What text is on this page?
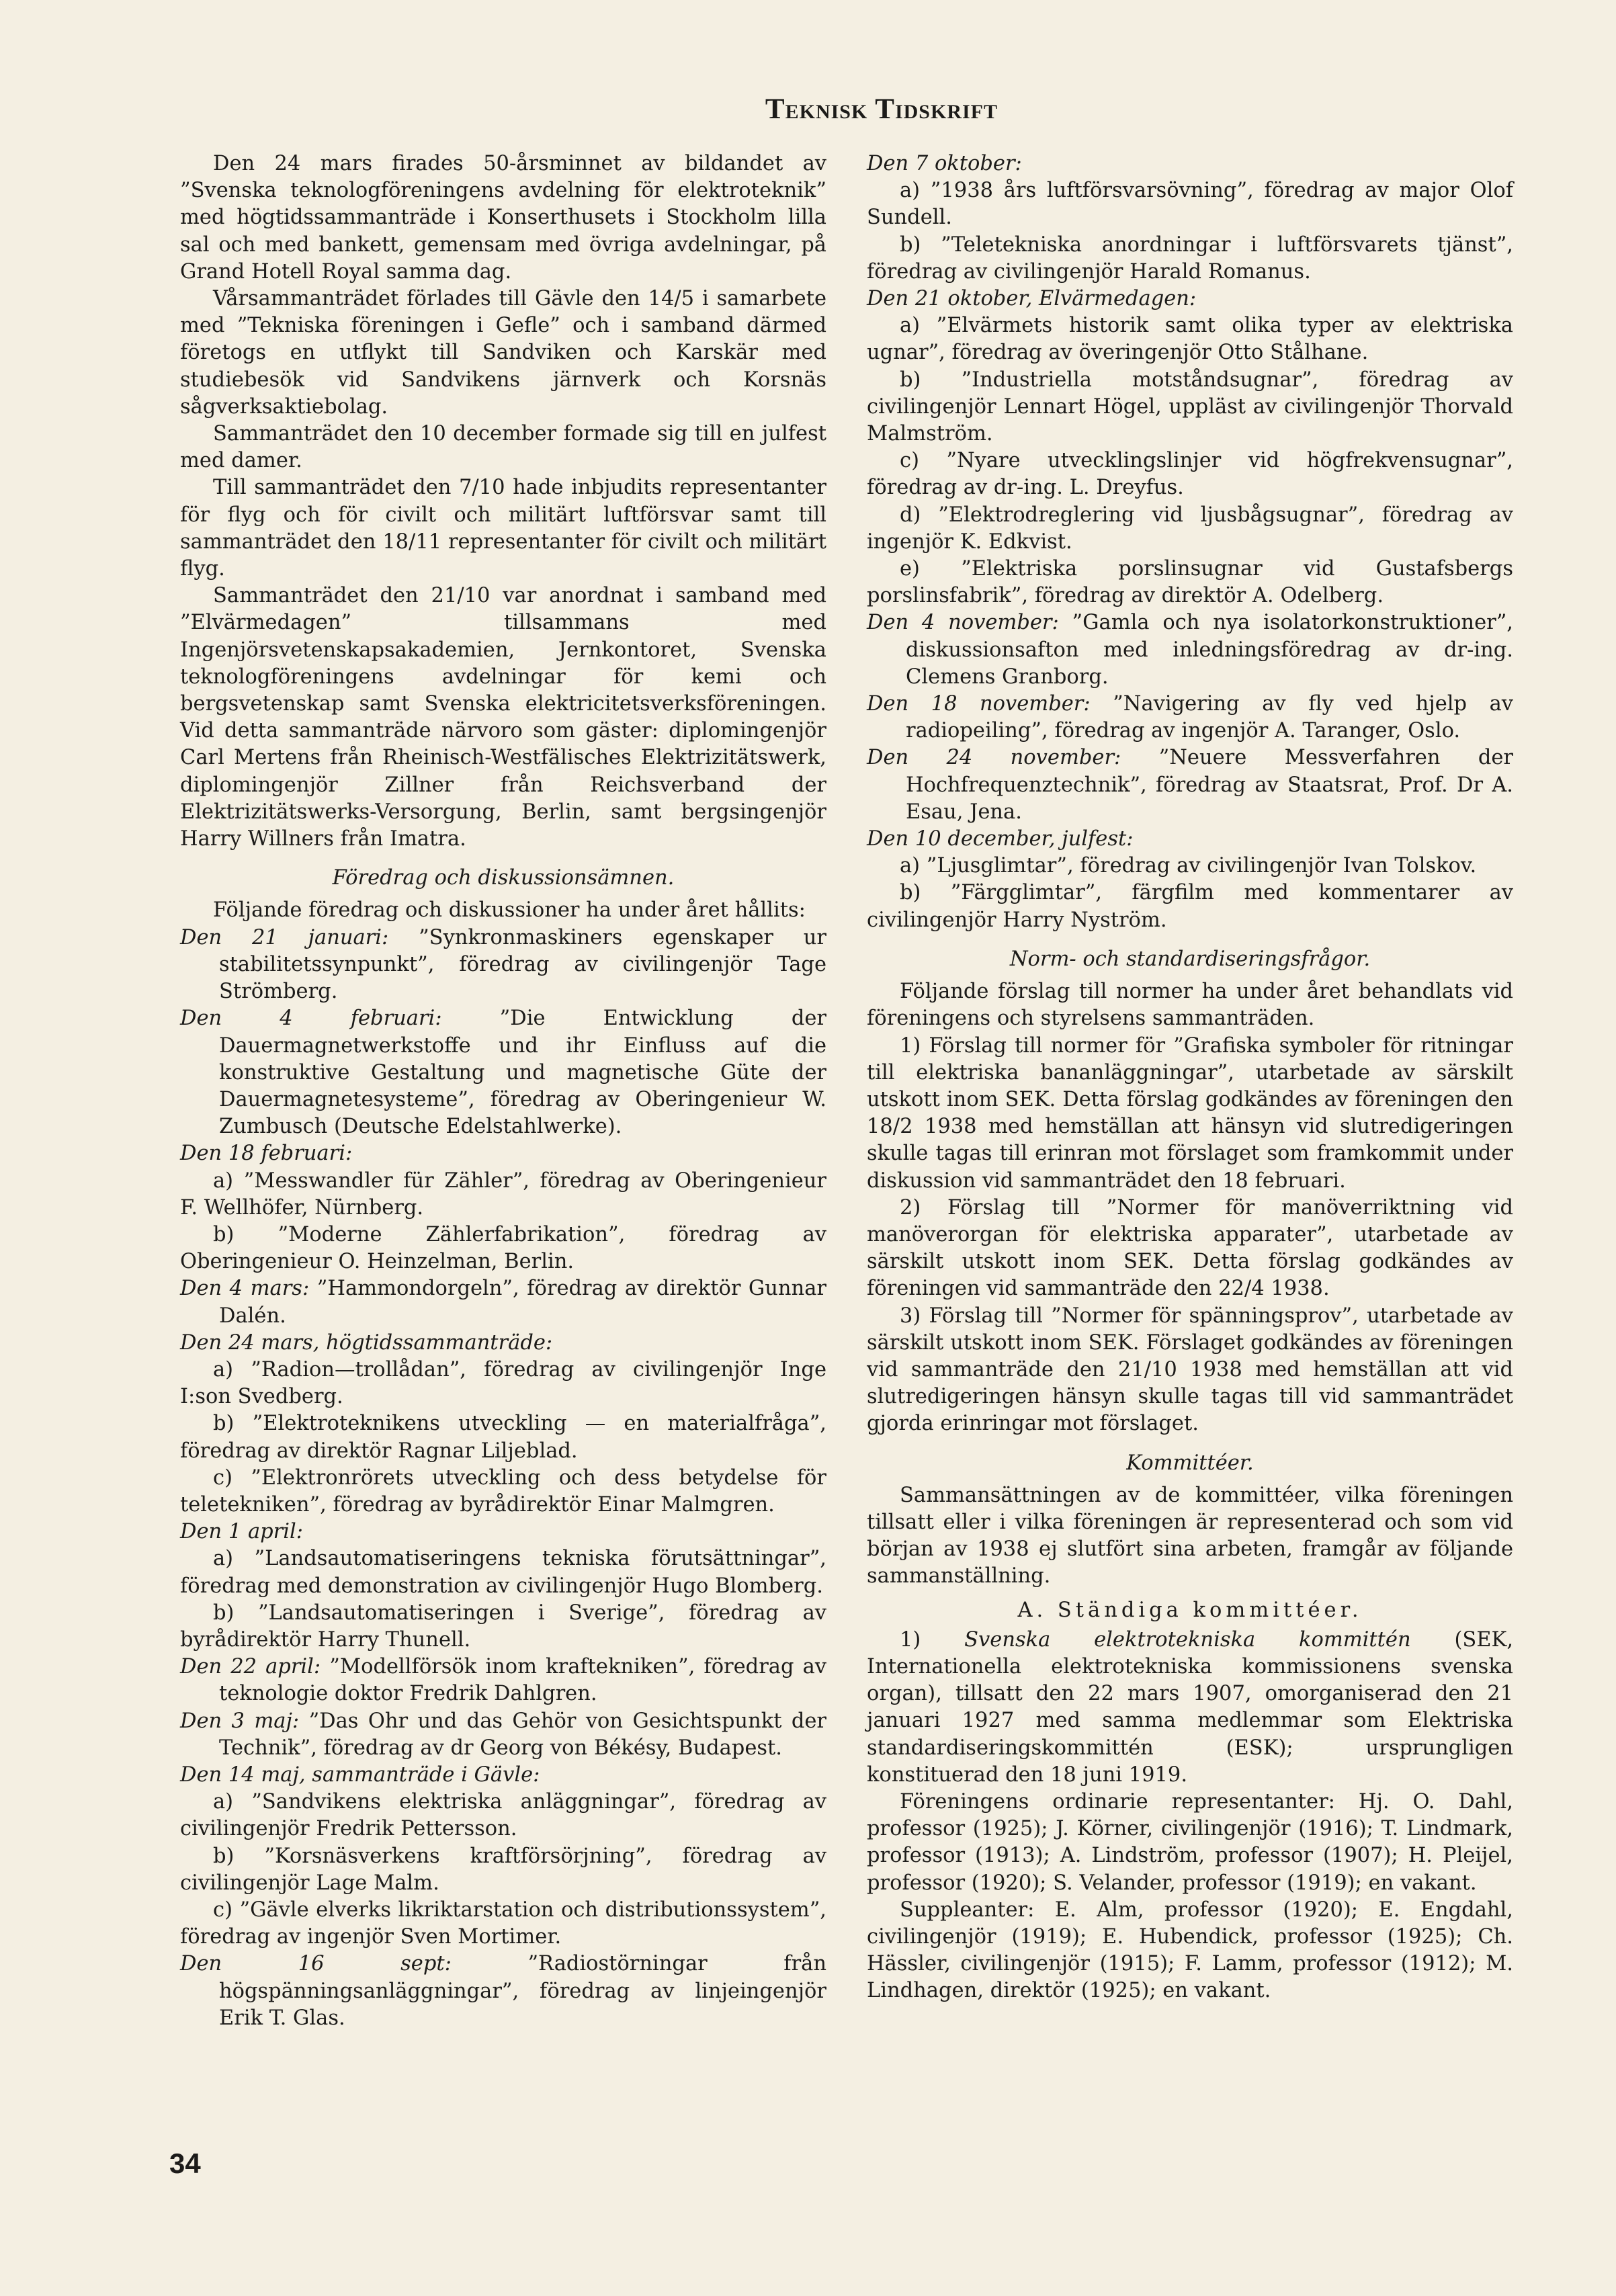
Teknisk Tidskrift

Den 24 mars firades 50-årsminnet av bildandet av ”Svenska teknologföreningens avdelning för elektroteknik” med högtidssammanträde i Konserthusets i Stockholm lilla sal och med bankett, gemensam med övriga avdelningar, på Grand Hotell Royal samma dag.

Vårsammanträdet förlades till Gävle den 14/5 i samarbete med ”Tekniska föreningen i Gefle” och i samband därmed företogs en utflykt till Sandviken och Karskär med studiebesök vid Sandvikens järnverk och Korsnäs sågverksaktiebolag.

Sammanträdet den 10 december formade sig till en julfest med damer.

Till sammanträdet den 7/10 hade inbjudits representanter för flyg och för civilt och militärt luftförsvar samt till sammanträdet den 18/11 representanter för civilt och militärt flyg.

Sammanträdet den 21/10 var anordnat i samband med ”Elvärmedagen” tillsammans med Ingenjörsvetenskapsakademien, Jernkontoret, Svenska teknologföreningens avdelningar för kemi och bergsvetenskap samt Svenska elektricitetsverksföreningen. Vid detta sammanträde närvoro som gäster: diplomingenjör Carl Mertens från Rheinisch-Westfälisches Elektrizitätswerk, diplomingenjör Zillner från Reichsverband der Elektrizitätswerks-Versorgung, Berlin, samt bergsingenjör Harry Willners från Imatra.

Föredrag och diskussionsämnen.

Följande föredrag och diskussioner ha under året hållits:

Den 21 januari: ”Synkronmaskiners egenskaper ur stabilitetssynpunkt”, föredrag av civilingenjör Tage Strömberg.

Den 4 februari: ”Die Entwicklung der Dauermagnetwerkstoffe und ihr Einfluss auf die konstruktive Gestaltung und magnetische Güte der Dauermagnetesysteme”, föredrag av Oberingenieur W. Zumbusch (Deutsche Edelstahlwerke).

Den 18 februari:

a) ”Messwandler für Zähler”, föredrag av Oberingenieur F. Wellhöfer, Nürnberg.

b) ”Moderne Zählerfabrikation”, föredrag av Oberingenieur O. Heinzelman, Berlin.

Den 4 mars: ”Hammondorgeln”, föredrag av direktör Gunnar Dalén.

Den 24 mars, högtidssammanträde:

a) ”Radion—trollådan”, föredrag av civilingenjör Inge I:son Svedberg.

b) ”Elektroteknikens utveckling — en materialfråga”, föredrag av direktör Ragnar Liljeblad.

c) ”Elektronrörets utveckling och dess betydelse för teletekniken”, föredrag av byrådirektör Einar Malmgren.

Den 1 april:

a) ”Landsautomatiseringens tekniska förutsättningar”, föredrag med demonstration av civilingenjör Hugo Blomberg.

b) ”Landsautomatiseringen i Sverige”, föredrag av byrådirektör Harry Thunell.

Den 22 april: ”Modellförsök inom kraftekniken”, föredrag av teknologie doktor Fredrik Dahlgren.

Den 3 maj: ”Das Ohr und das Gehör von Gesichtspunkt der Technik”, föredrag av dr Georg von Békésy, Budapest.

Den 14 maj, sammanträde i Gävle:

a) ”Sandvikens elektriska anläggningar”, föredrag av civilingenjör Fredrik Pettersson.

b) ”Korsnäsverkens kraftförsörjning”, föredrag av civilingenjör Lage Malm.

c) ”Gävle elverks likriktarstation och distributionssystem”, föredrag av ingenjör Sven Mortimer.

Den 16 sept: ”Radiostörningar från högspänningsanläggningar”, föredrag av linjeingenjör Erik T. Glas.

Den 7 oktober:

a) ”1938 års luftförsvarsövning”, föredrag av major Olof Sundell.

b) ”Teletekniska anordningar i luftförsvarets tjänst”, föredrag av civilingenjör Harald Romanus.

Den 21 oktober, Elvärmedagen:

a) ”Elvärmets historik samt olika typer av elektriska ugnar”, föredrag av överingenjör Otto Stålhane.

b) ”Industriella motståndsugnar”, föredrag av civilingenjör Lennart Högel, uppläst av civilingenjör Thorvald Malmström.

c) ”Nyare utvecklingslinjer vid högfrekvensugnar”, föredrag av dr-ing. L. Dreyfus.

d) ”Elektrodreglering vid ljusbågsugnar”, föredrag av ingenjör K. Edkvist.

e) ”Elektriska porslinsugnar vid Gustafsbergs porslinsfabrik”, föredrag av direktör A. Odelberg.

Den 4 november: ”Gamla och nya isolatorkonstruktioner”, diskussionsafton med inledningsföredrag av dr-ing. Clemens Granborg.

Den 18 november: ”Navigering av fly ved hjelp av radiopeiling”, föredrag av ingenjör A. Taranger, Oslo.

Den 24 november: ”Neuere Messverfahren der Hochfrequenztechnik”, föredrag av Staatsrat, Prof. Dr A. Esau, Jena.

Den 10 december, julfest:

a) ”Ljusglimtar”, föredrag av civilingenjör Ivan Tolskov.

b) ”Färgglimtar”, färgfilm med kommentarer av civilingenjör Harry Nyström.

Norm- och standardiseringsfrågor.

Följande förslag till normer ha under året behandlats vid föreningens och styrelsens sammanträden.

1) Förslag till normer för ”Grafiska symboler för ritningar till elektriska bananläggningar”, utarbetade av särskilt utskott inom SEK. Detta förslag godkändes av föreningen den 18/2 1938 med hemställan att hänsyn vid slutredigeringen skulle tagas till erinran mot förslaget som framkommit under diskussion vid sammanträdet den 18 februari.

2) Förslag till ”Normer för manöverriktning vid manöverorgan för elektriska apparater”, utarbetade av särskilt utskott inom SEK. Detta förslag godkändes av föreningen vid sammanträde den 22/4 1938.

3) Förslag till ”Normer för spänningsprov”, utarbetade av särskilt utskott inom SEK. Förslaget godkändes av föreningen vid sammanträde den 21/10 1938 med hemställan att vid slutredigeringen hänsyn skulle tagas till vid sammanträdet gjorda erinringar mot förslaget.

Kommittéer.

Sammansättningen av de kommittéer, vilka föreningen tillsatt eller i vilka föreningen är representerad och som vid början av 1938 ej slutfört sina arbeten, framgår av följande sammanställning.

A. Ständiga kommittéer.

1) Svenska elektrotekniska kommittén (SEK, Internationella elektrotekniska kommissionens svenska organ), tillsatt den 22 mars 1907, omorganiserad den 21 januari 1927 med samma medlemmar som Elektriska standardiseringskommittén (ESK); ursprungligen konstituerad den 18 juni 1919.

Föreningens ordinarie representanter: Hj. O. Dahl, professor (1925); J. Körner, civilingenjör (1916); T. Lindmark, professor (1913); A. Lindström, professor (1907); H. Pleijel, professor (1920); S. Velander, professor (1919); en vakant.

Suppleanter: E. Alm, professor (1920); E. Engdahl, civilingenjör (1919); E. Hubendick, professor (1925); Ch. Hässler, civilingenjör (1915); F. Lamm, professor (1912); M. Lindhagen, direktör (1925); en vakant.

34
